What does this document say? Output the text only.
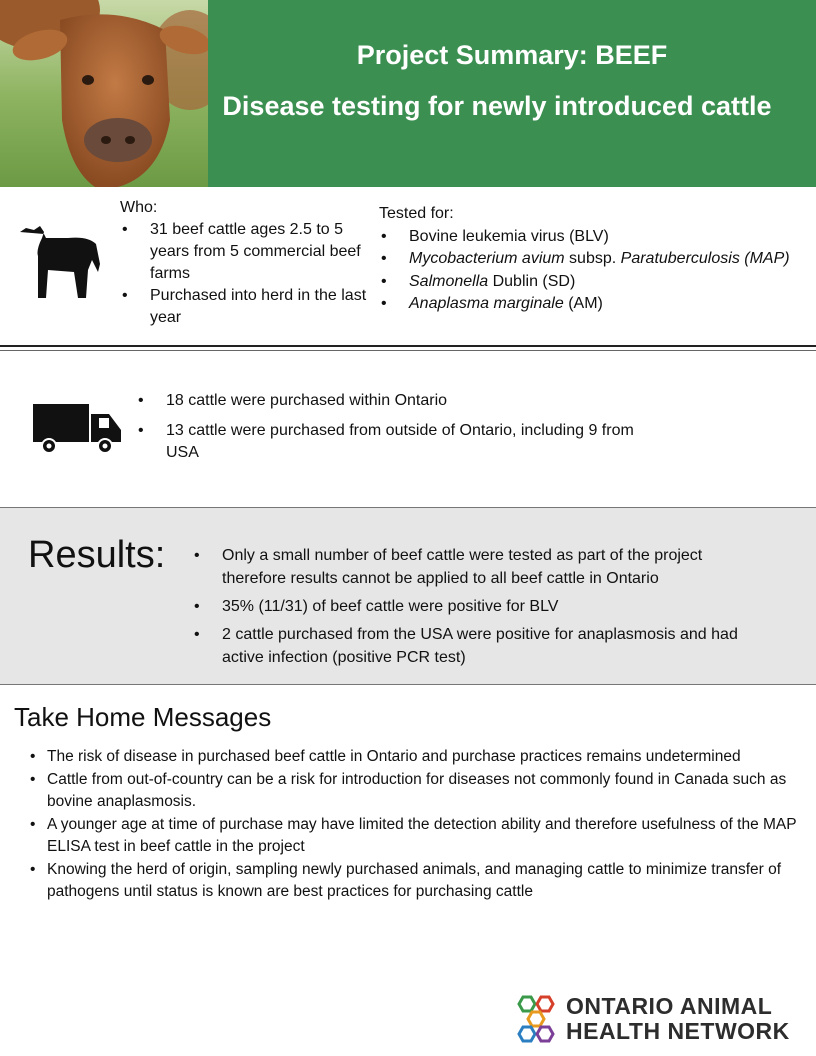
Project Summary: BEEF
Disease testing for newly introduced cattle
Who:
• 31 beef cattle ages 2.5 to 5 years from 5 commercial beef farms
• Purchased into herd in the last year
Tested for:
• Bovine leukemia virus (BLV)
• Mycobacterium avium subsp. Paratuberculosis (MAP)
• Salmonella Dublin (SD)
• Anaplasma marginale (AM)
• 18 cattle were purchased within Ontario
• 13 cattle were purchased from outside of Ontario, including 9 from USA
Results:
•	Only a small number of beef cattle were tested as part of the project therefore results cannot be applied to all beef cattle in Ontario
• 35% (11/31) of beef cattle were positive for BLV
• 2 cattle purchased from the USA were positive for anaplasmosis and had active infection (positive PCR test)
Take Home Messages
• The risk of disease in purchased beef cattle in Ontario and purchase practices remains undetermined
• Cattle from out-of-country can be a risk for introduction for diseases not commonly found in Canada such as bovine anaplasmosis.
• A younger age at time of purchase may have limited the detection ability and therefore usefulness of the MAP ELISA test in beef cattle in the project
• Knowing the herd of origin, sampling newly purchased animals, and managing cattle to minimize transfer of pathogens until status is known are best practices for purchasing cattle
ONTARIO ANIMAL
HEALTH NETWORK
